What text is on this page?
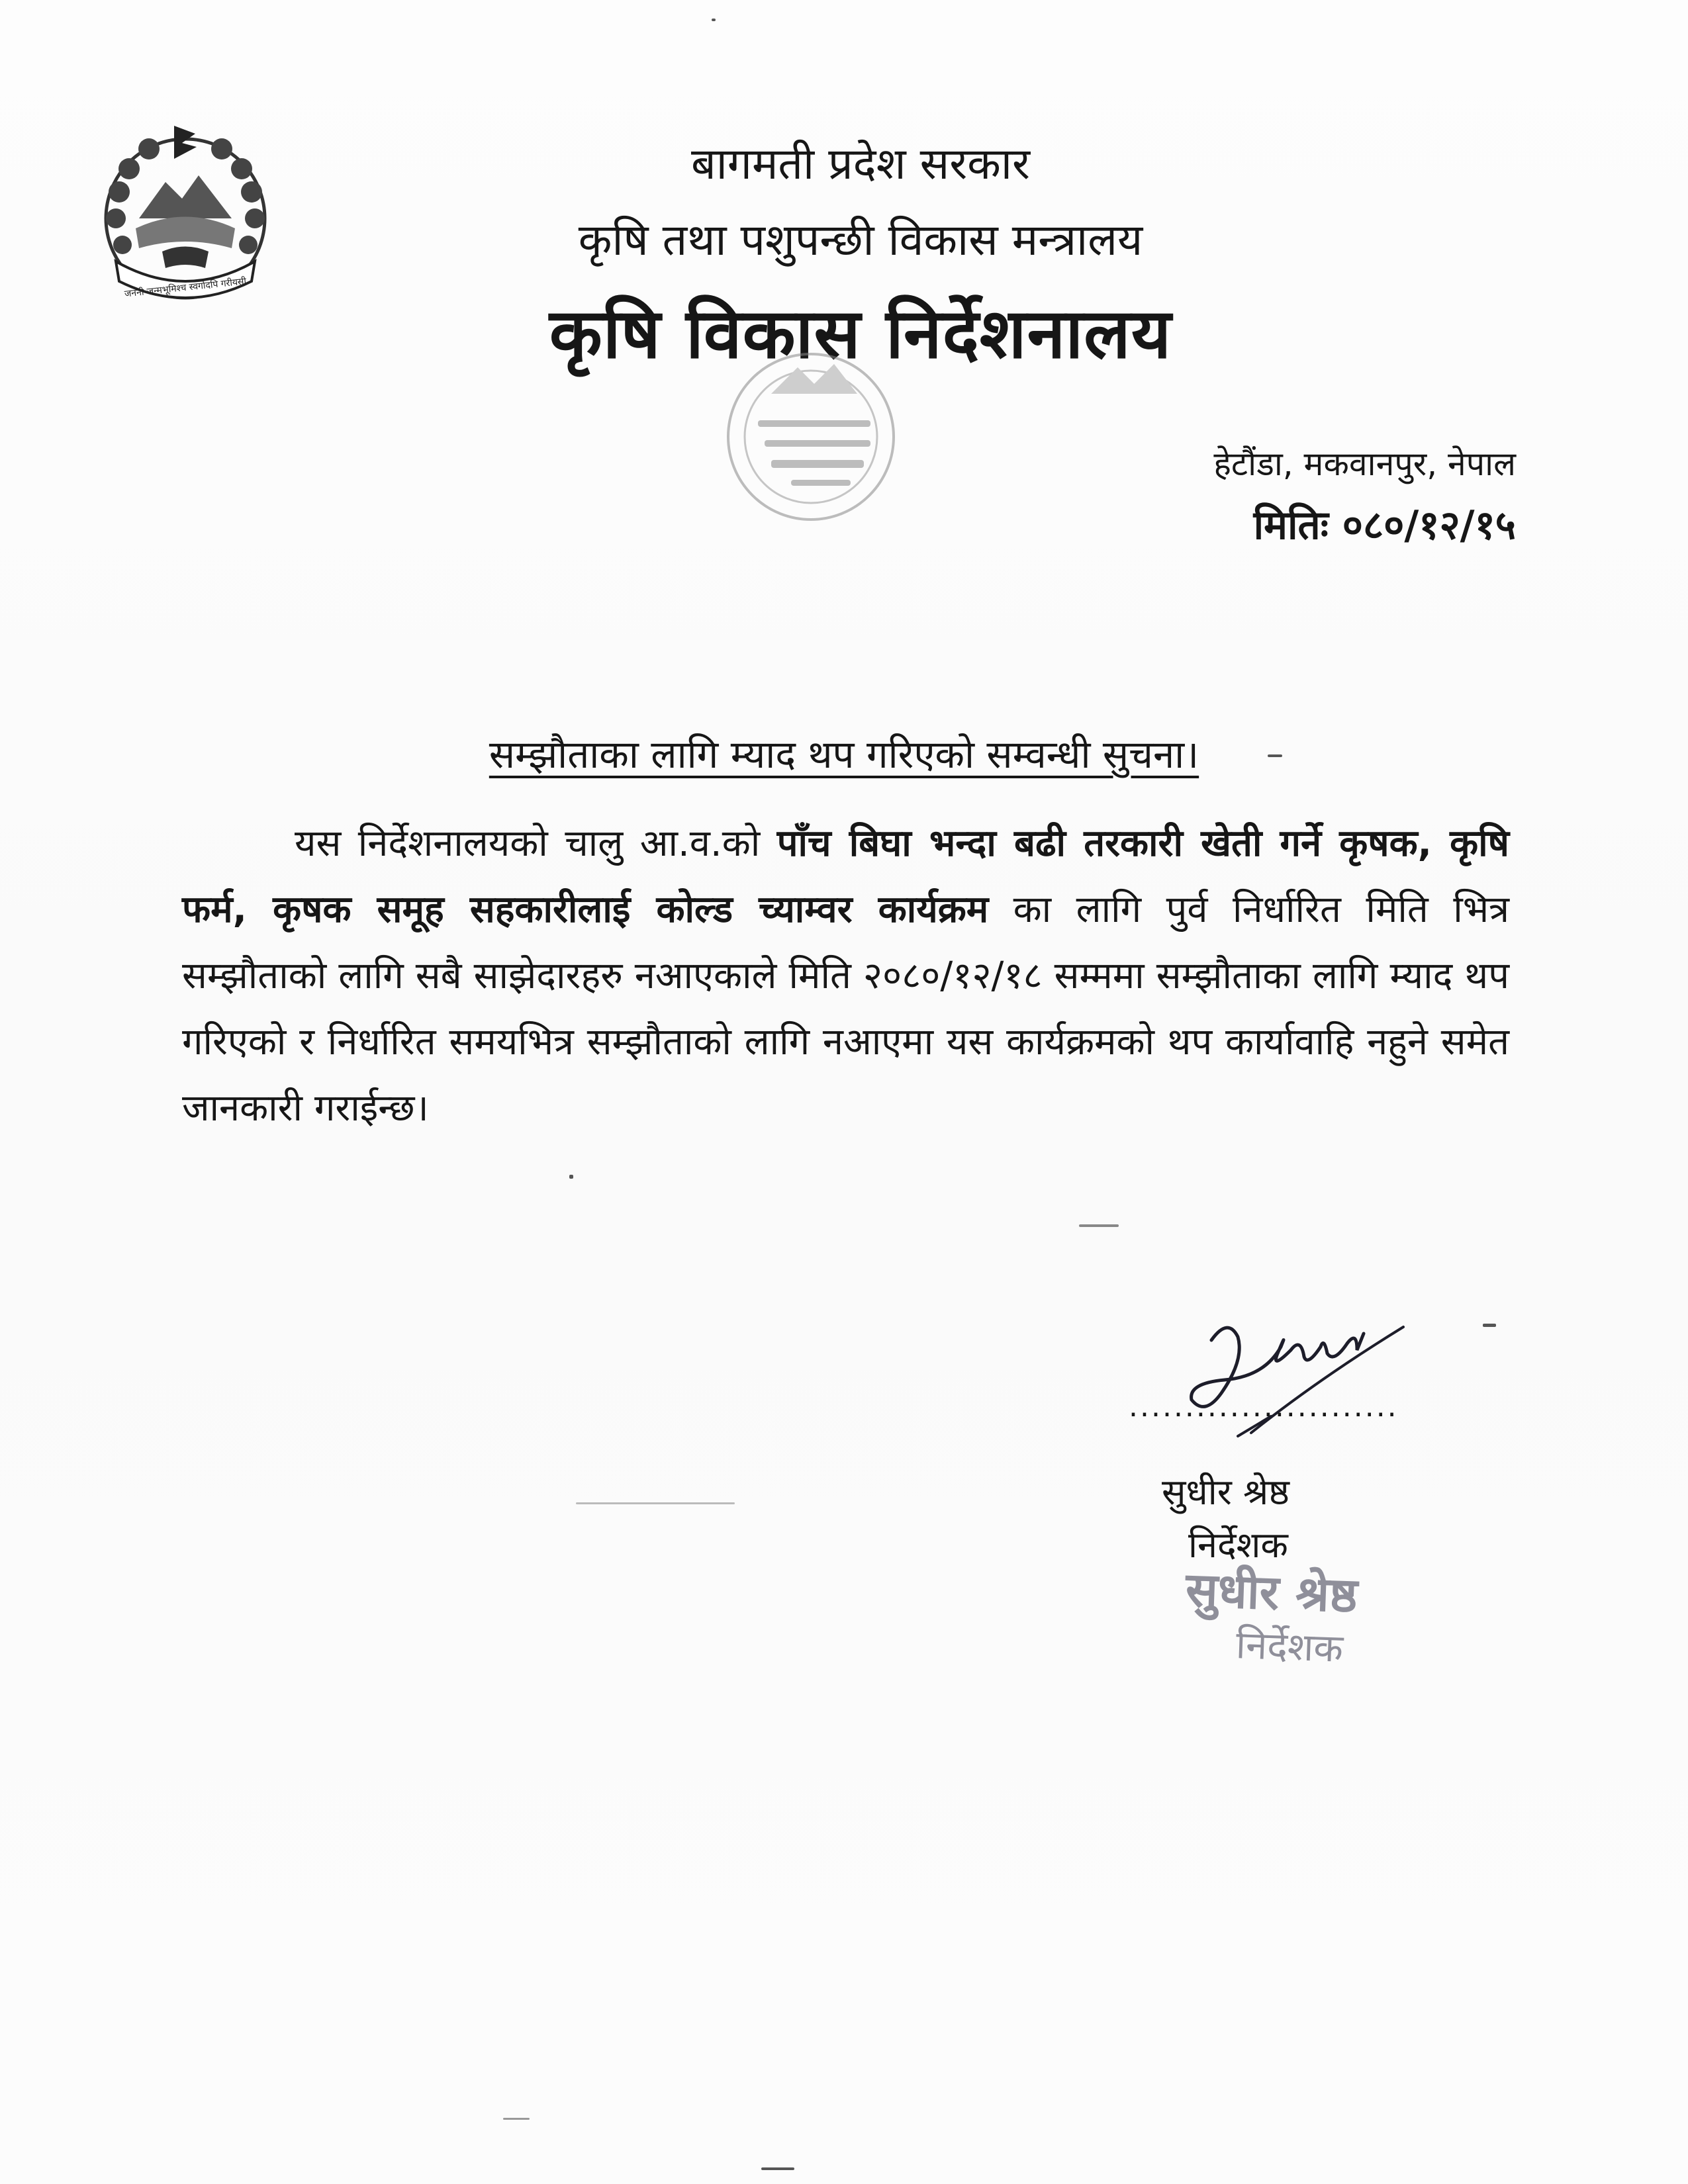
जननी जन्मभूमिश्च स्वर्गादपि गरीयसी
बागमती प्रदेश सरकार
कृषि तथा पशुपन्छी विकास मन्त्रालय
कृषि विकास निर्देशनालय
हेटौंडा, मकवानपुर, नेपाल
मितिः ०८०/१२/१५
सम्झौताका लागि म्याद थप गरिएको सम्वन्धी सुचना।
यस निर्देशनालयको चालु आ.व.को पाँच बिघा भन्दा बढी तरकारी खेती गर्ने कृषक, कृषि फर्म, कृषक समूह सहकारीलाई कोल्ड च्याम्वर कार्यक्रम का लागि पुर्व निर्धारित मिति भित्र सम्झौताको लागि सबै साझेदारहरु नआएकाले मिति २०८०/१२/१८ सम्ममा सम्झौताका लागि म्याद थप गरिएको र निर्धारित समयभित्र सम्झौताको लागि नआएमा यस कार्यक्रमको थप कार्यावाहि नहुने समेत जानकारी गराईन्छ।
........................
सुधीर श्रेष्ठ
निर्देशक
सुधीर श्रेष्ठ
निर्देशक
